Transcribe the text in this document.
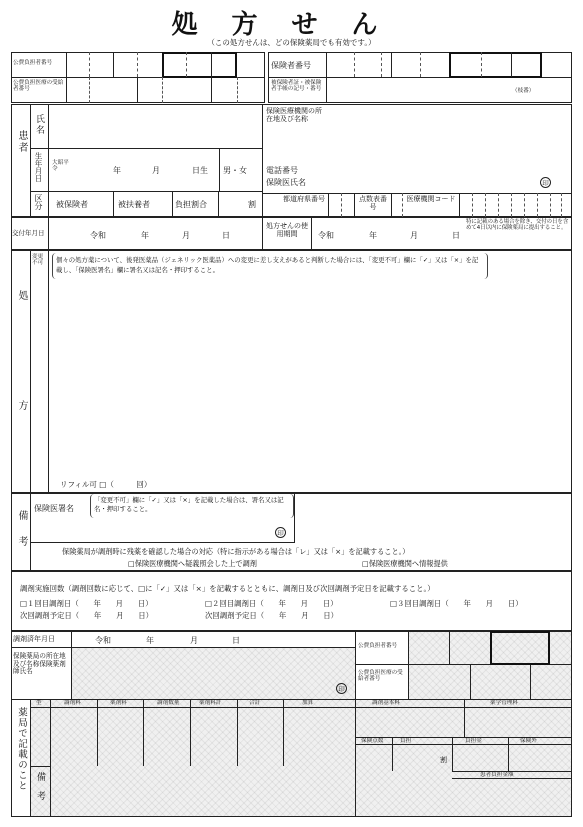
処方せん
（この処方せんは、どの保険薬局でも有効です。）
公費負担者番号
公費負担医療の受給者番号
保険者番号
被保険者証・被保険者手帳の記号・番号	（枝番）
患者
氏名
生年月日 大昭平令	年	月	日生 男・女
区分 被保険者	被扶養者	負担割合	割
保険医療機関の所在地及び名称
電話番号
保険医氏名	印
都道府県番号	点数表番号
医療機関コード
交付年月日	令和	年	月	日
処方せんの使用期間	令和	年	月	日
特に記載のある場合を除き、交付の日を含めて4日以内に保険薬局に提出すること。
処方
変更不可	個々の処方薬について、後発医薬品（ジェネリック医薬品）への変更に差し支えがあると判断した場合には、「変更不可」欄に「✓」又は「×」を記載し、「保険医署名」欄に署名又は記名・押印すること。
リフィル可 □（　　　回）
備考
保険医署名
「変更不可」欄に「✓」又は「×」を記載した場合は、署名又は記名・押印すること。
印
保険薬局が調剤時に残薬を確認した場合の対応（特に指示がある場合は「レ」又は「×」を記載すること。）
□保険医療機関へ疑義照会した上で調剤	□保険医療機関へ情報提供
調剤実施回数（調剤回数に応じて、□に「✓」又は「×」を記載するとともに、調剤日及び次回調剤予定日を記載すること。）
□１回目調剤日（　　年　　月　　日）	□２回目調剤日（　　年　　月　　日）	□３回目調剤日（　　年　　月　　日）
次回調剤予定日（　　年　　月　　日）	次回調剤予定日（　　年　　月　　日）
調剤済年月日	令和	年	月	日
保険薬局の所在地及び名称保険薬剤師氏名
印
公費負担者番号
公費負担医療の受給者番号
薬局で記載のこと 備考
型	調剤料	薬剤料	調剤数量	薬剤料計	合計	加算	調剤基本料	薬学管理料
保険点数	負担	負担金	保険外
割
患者負担金額
